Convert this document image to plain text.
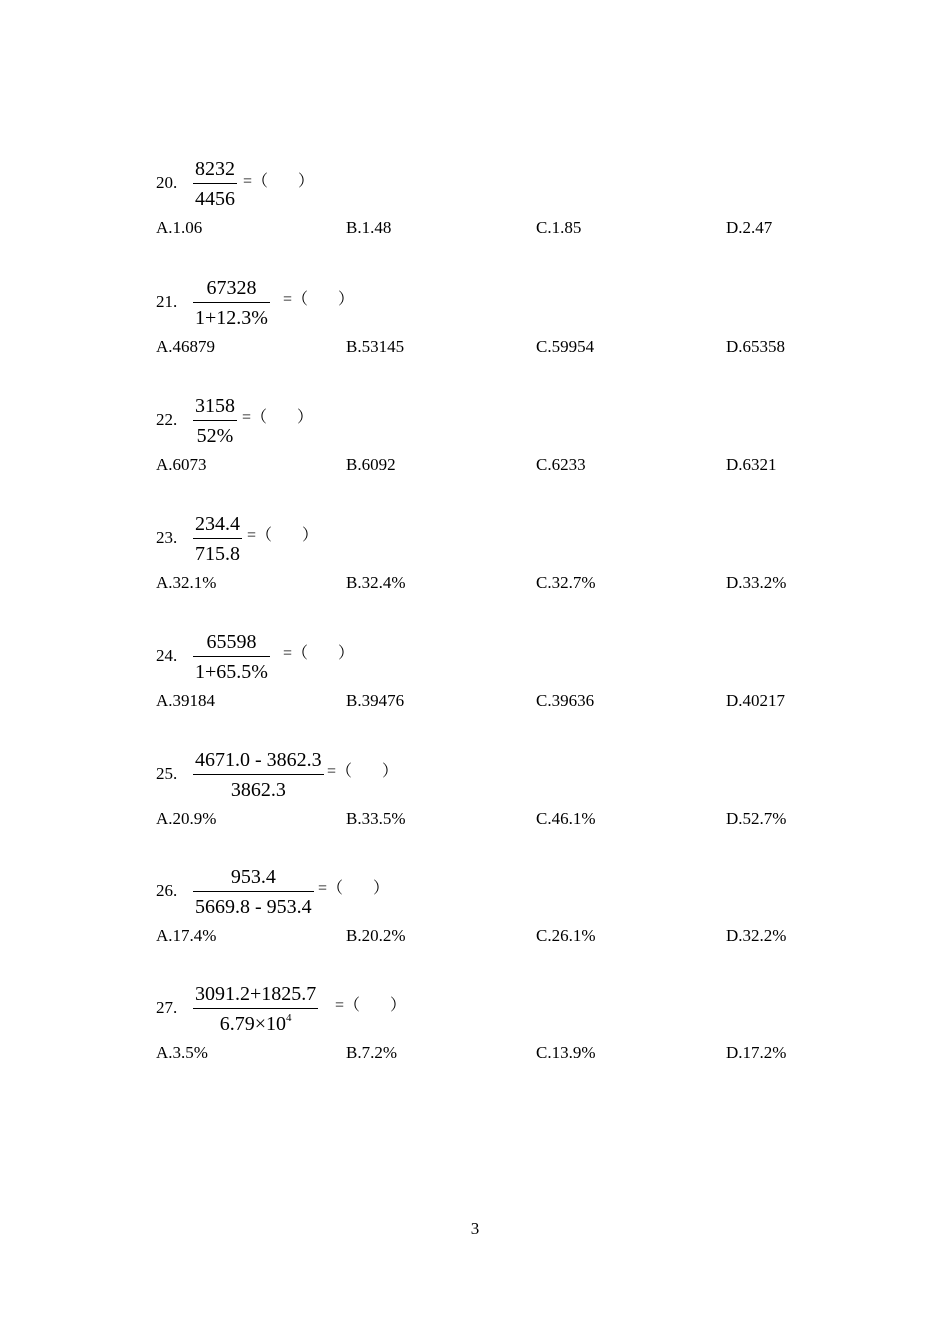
20.
8232
4456
=（ ）
A.1.06	B.1.48	C.1.85	D.2.47
21.
67328
1+12.3%
=（ ）
A.46879	B.53145	C.59954	D.65358
22.
3158
52%
=（ ）
A.6073	B.6092	C.6233	D.6321
23.
234.4
715.8
=（ ）
A.32.1%	B.32.4%	C.32.7%	D.33.2%
24.
65598
1+65.5%
=（ ）
A.39184	B.39476	C.39636	D.40217
25.
4671.0 - 3862.3
3862.3
=（ ）
A.20.9%	B.33.5%	C.46.1%	D.52.7%
26.
953.4
5669.8 - 953.4
=（ ）
A.17.4%	B.20.2%	C.26.1%	D.32.2%
27.
3091.2+1825.7
$6.79\times 10^4$
=（ ）
A.3.5%	B.7.2%	C.13.9%	D.17.2%
3
